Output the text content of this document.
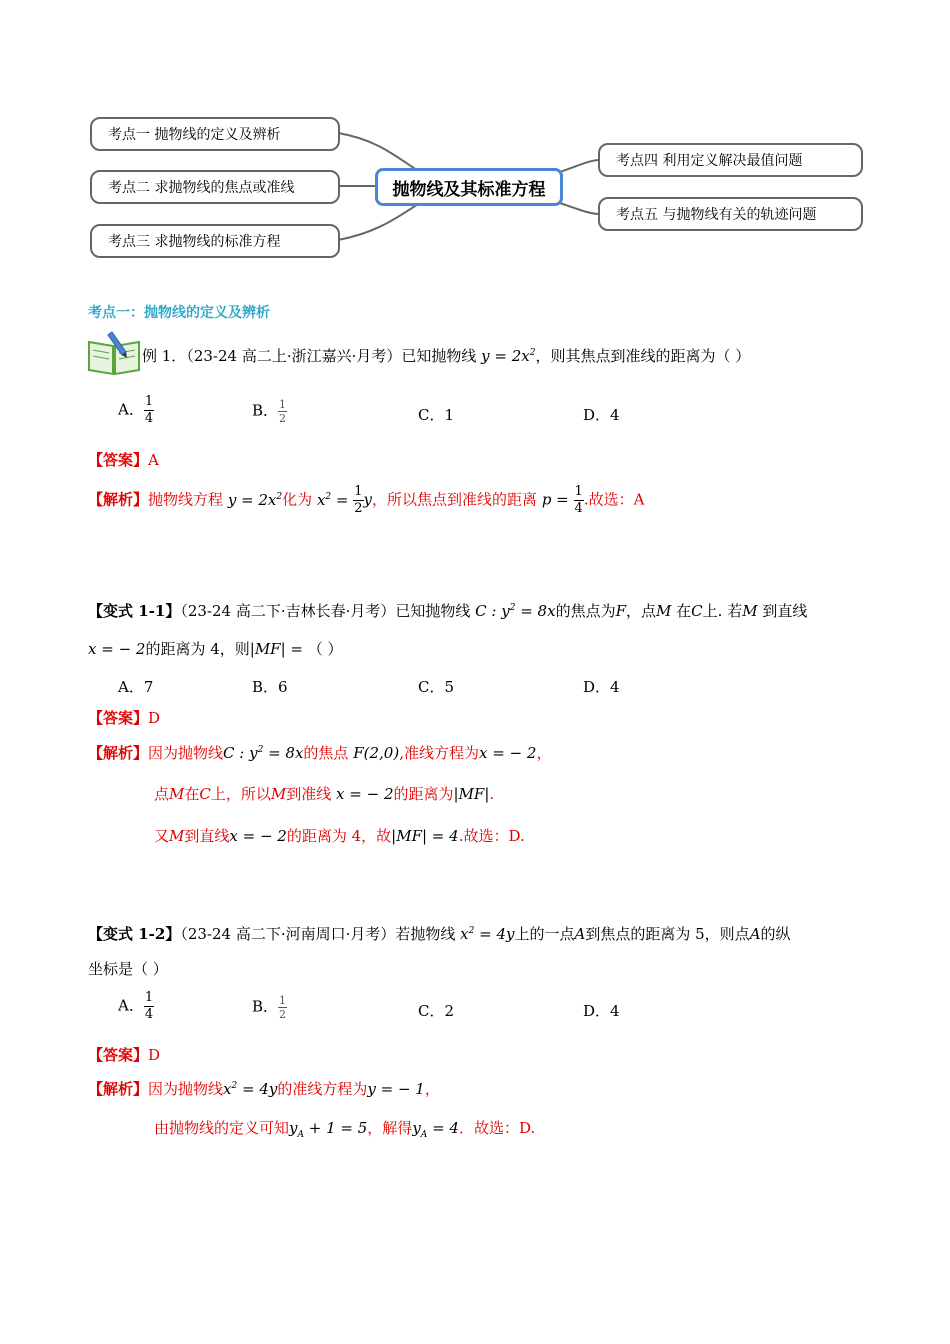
考点一 抛物线的定义及辨析
考点二 求抛物线的焦点或准线
考点三 求抛物线的标准方程
抛物线及其标准方程
考点四 利用定义解决最值问题
考点五 与抛物线有关的轨迹问题
考点一：抛物线的定义及辨析
例 1．（23-24 高二上·浙江嘉兴·月考）已知抛物线 $y = 2x^2$，则其焦点到准线的距离为（ ）
A． $\frac{1}{4}$	B． $\frac{1}{2}$	C．1	D．4
【答案】A
【解析】抛物线方程 $y = 2x^2$化为 $x^2 = \frac{1}{2}$ y，所以焦点到准线的距离 $p = \frac{1}{4}$ .故选：A
【变式 1-1】（23-24 高二下·吉林长春·月考）已知抛物线 C : $y^2 = 8x$的焦点为F，点M 在C上. 若M 到直线
x = − 2的距离为 4，则|MF| = （ ）
A．7	B．6	C．5	D．4
【答案】D
【解析】因为抛物线C : $y^2 = 8x$的焦点 F(2,0),准线方程为x = − 2，
点M在C上，所以M到准线 x = − 2的距离为|MF|.
又M到直线x = − 2的距离为 4，故|MF| = 4.故选：D.
【变式 1-2】（23-24 高二下·河南周口·月考）若抛物线 $x^2 = 4y$上的一点A到焦点的距离为 5，则点A的纵
坐标是（ ）
A． $\frac{1}{4}$	B． $\frac{1}{2}$	C．2	D．4
【答案】D
【解析】因为抛物线$x^2 = 4y$的准线方程为y = − 1，
由抛物线的定义可知$y_A + 1 = 5$，解得$y_A = 4$．故选：D.
